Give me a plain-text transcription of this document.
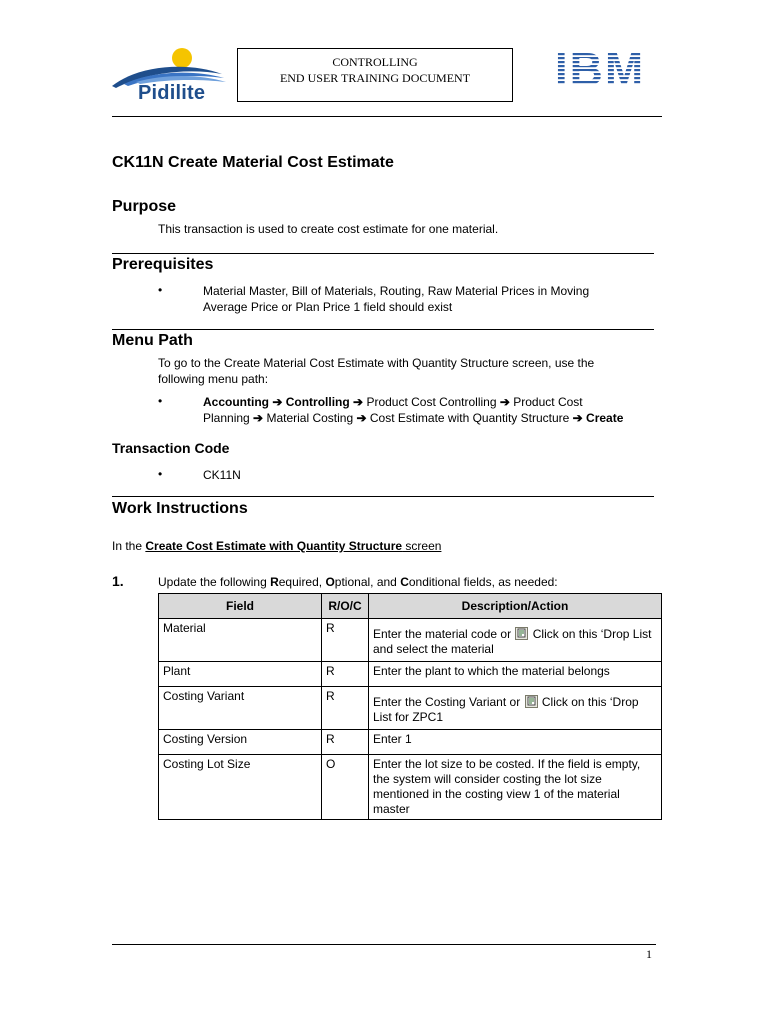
Pidilite
CONTROLLING
END USER TRAINING DOCUMENT	IBM
CK11N Create Material Cost Estimate
Purpose
This transaction is used to create cost estimate for one material.
Prerequisites
•	Material Master, Bill of Materials, Routing, Raw Material Prices in Moving
Average Price or Plan Price 1 field should exist
Menu Path
To go to the Create Material Cost Estimate with Quantity Structure screen, use the
following menu path:
•	Accounting ➔ Controlling ➔ Product Cost Controlling ➔ Product Cost
Planning ➔ Material Costing ➔ Cost Estimate with Quantity Structure ➔ Create
Transaction Code
•	CK11N
Work Instructions
In the Create Cost Estimate with Quantity Structure screen
1.	Update the following Required, Optional, and Conditional fields, as needed:
Field	R/O/C	Description/Action
Material	R	Enter the material code or  Click on this ‘Drop List and select the material
Plant	R	Enter the plant to which the material belongs
Costing Variant	R	Enter the Costing Variant or  Click on this ‘Drop List for ZPC1
Costing Version	R	Enter 1
Costing Lot Size	O	Enter the lot size to be costed. If the field is empty, the system will consider costing the lot size mentioned in the costing view 1 of the material master
1
